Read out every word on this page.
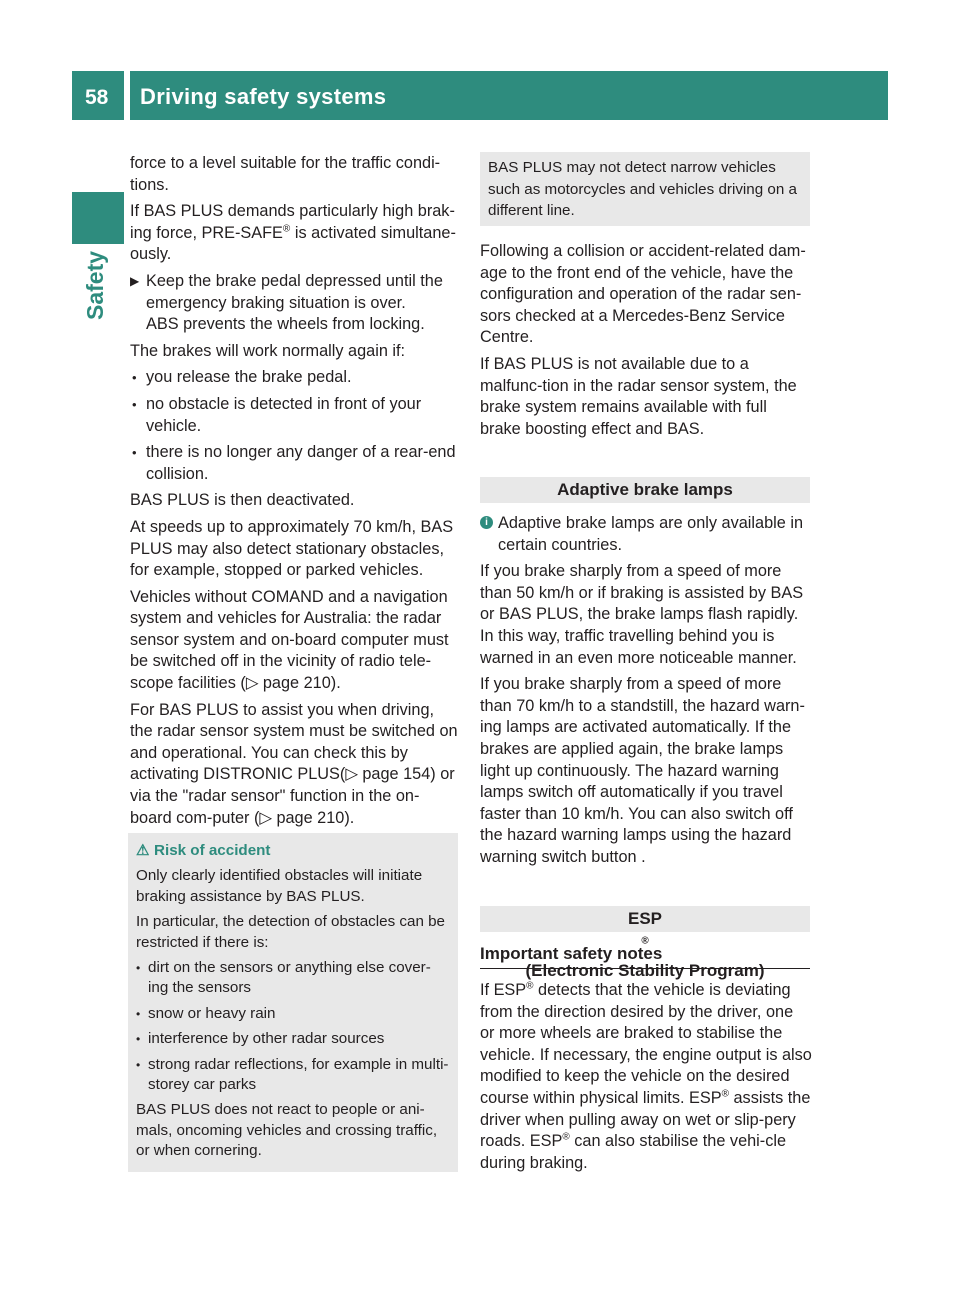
58 Driving safety systems
Safety

force to a level suitable for the traffic condi-tions.

If BAS PLUS demands particularly high brak-ing force, PRE-SAFE® is activated simultane-ously.

▶ Keep the brake pedal depressed until the emergency braking situation is over.
ABS prevents the wheels from locking.

The brakes will work normally again if:

• you release the brake pedal.
• no obstacle is detected in front of your vehicle.
• there is no longer any danger of a rear-end collision.

BAS PLUS is then deactivated.

At speeds up to approximately 70 km/h, BAS PLUS may also detect stationary obstacles, for example, stopped or parked vehicles.

Vehicles without COMAND and a navigation system and vehicles for Australia: the radar sensor system and on-board computer must be switched off in the vicinity of radio tele-scope facilities (▷ page 210).

For BAS PLUS to assist you when driving, the radar sensor system must be switched on and operational. You can check this by activating DISTRONIC PLUS(▷ page 154) or via the "radar sensor" function in the on-board com-puter (▷ page 210).

⚠ Risk of accident

Only clearly identified obstacles will initiate braking assistance by BAS PLUS.

In particular, the detection of obstacles can be restricted if there is:

• dirt on the sensors or anything else cover-ing the sensors
• snow or heavy rain
• interference by other radar sources
• strong radar reflections, for example in multi-storey car parks

BAS PLUS does not react to people or ani-mals, oncoming vehicles and crossing traffic, or when cornering.

BAS PLUS may not detect narrow vehicles such as motorcycles and vehicles driving on a different line.

Following a collision or accident-related dam-age to the front end of the vehicle, have the configuration and operation of the radar sen-sors checked at a Mercedes-Benz Service Centre.

If BAS PLUS is not available due to a malfunc-tion in the radar sensor system, the brake system remains available with full brake boosting effect and BAS.

Adaptive brake lamps

i Adaptive brake lamps are only available in certain countries.

If you brake sharply from a speed of more than 50 km/h or if braking is assisted by BAS or BAS PLUS, the brake lamps flash rapidly. In this way, traffic travelling behind you is warned in an even more noticeable manner.

If you brake sharply from a speed of more than 70 km/h to a standstill, the hazard warn-ing lamps are activated automatically. If the brakes are applied again, the brake lamps light up continuously. The hazard warning lamps switch off automatically if you travel faster than 10 km/h. You can also switch off the hazard warning lamps using the hazard warning switch button .

ESP
®
(Electronic Stability Program)
Important safety notes

If ESP® detects that the vehicle is deviating from the direction desired by the driver, one or more wheels are braked to stabilise the vehicle. If necessary, the engine output is also modified to keep the vehicle on the desired course within physical limits. ESP® assists the driver when pulling away on wet or slip-pery roads. ESP® can also stabilise the vehi-cle during braking.
